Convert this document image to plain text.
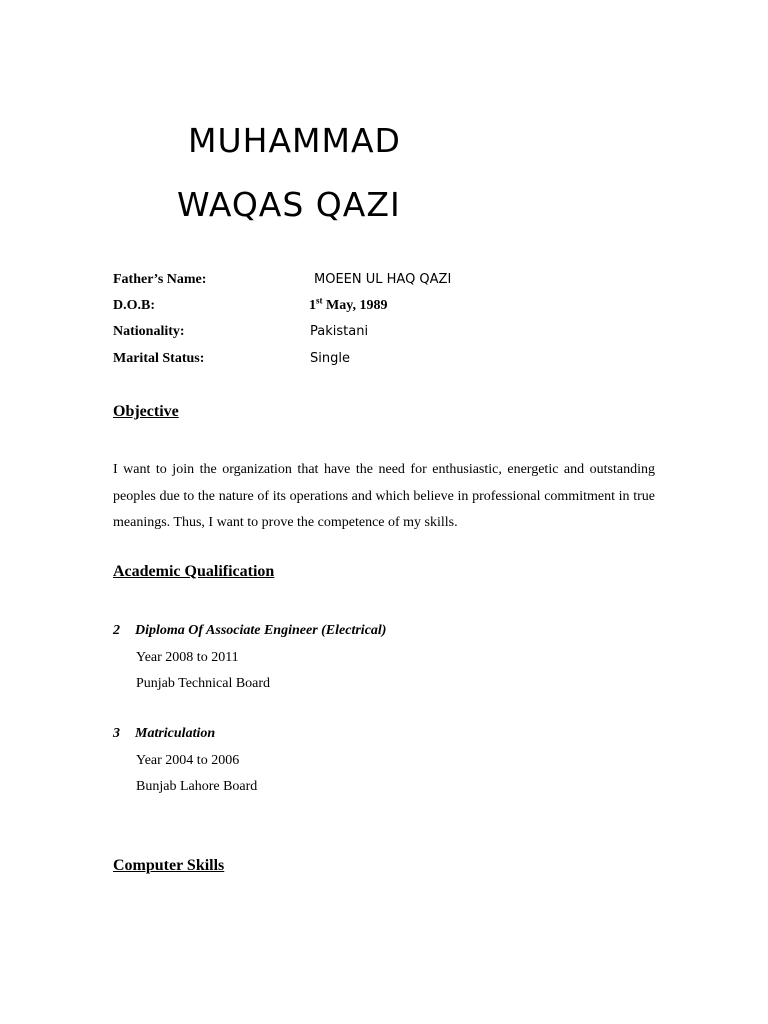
MUHAMMAD
WAQAS QAZI
Father’s Name:	MOEEN UL HAQ QAZI
D.O.B:	1st May, 1989
Nationality:	Pakistani
Marital Status:	Single
Objective

I want to join the organization that have the need for enthusiastic, energetic and outstanding peoples due to the nature of its operations and which believe in professional commitment in true meanings. Thus, I want to prove the competence of my skills.

Academic Qualification
2 Diploma Of Associate Engineer (Electrical)
Year 2008 to 2011
Punjab Technical Board
3 Matriculation
Year 2004 to 2006
Bunjab Lahore Board
Computer Skills
